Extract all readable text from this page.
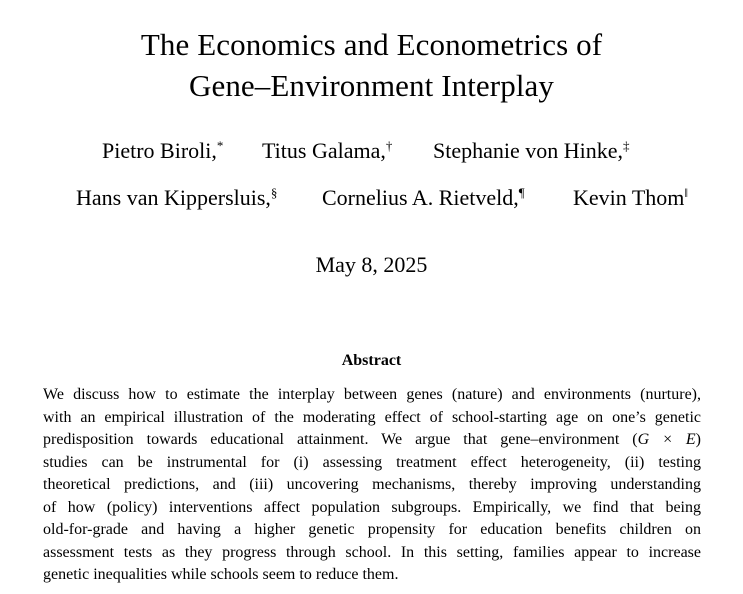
The Economics and Econometrics of
Gene–Environment Interplay
Pietro Biroli,* Titus Galama,† Stephanie von Hinke,‡
Hans van Kippersluis,§ Cornelius A. Rietveld,¶ Kevin Thom‖
May 8, 2025
Abstract
We discuss how to estimate the interplay between genes (nature) and environments (nurture),
with an empirical illustration of the moderating effect of school-starting age on one’s genetic
predisposition towards educational attainment. We argue that gene–environment (G × E)
studies can be instrumental for (i) assessing treatment effect heterogeneity, (ii) testing
theoretical predictions, and (iii) uncovering mechanisms, thereby improving understanding
of how (policy) interventions affect population subgroups. Empirically, we find that being
old-for-grade and having a higher genetic propensity for education benefits children on
assessment tests as they progress through school. In this setting, families appear to increase
genetic inequalities while schools seem to reduce them.
